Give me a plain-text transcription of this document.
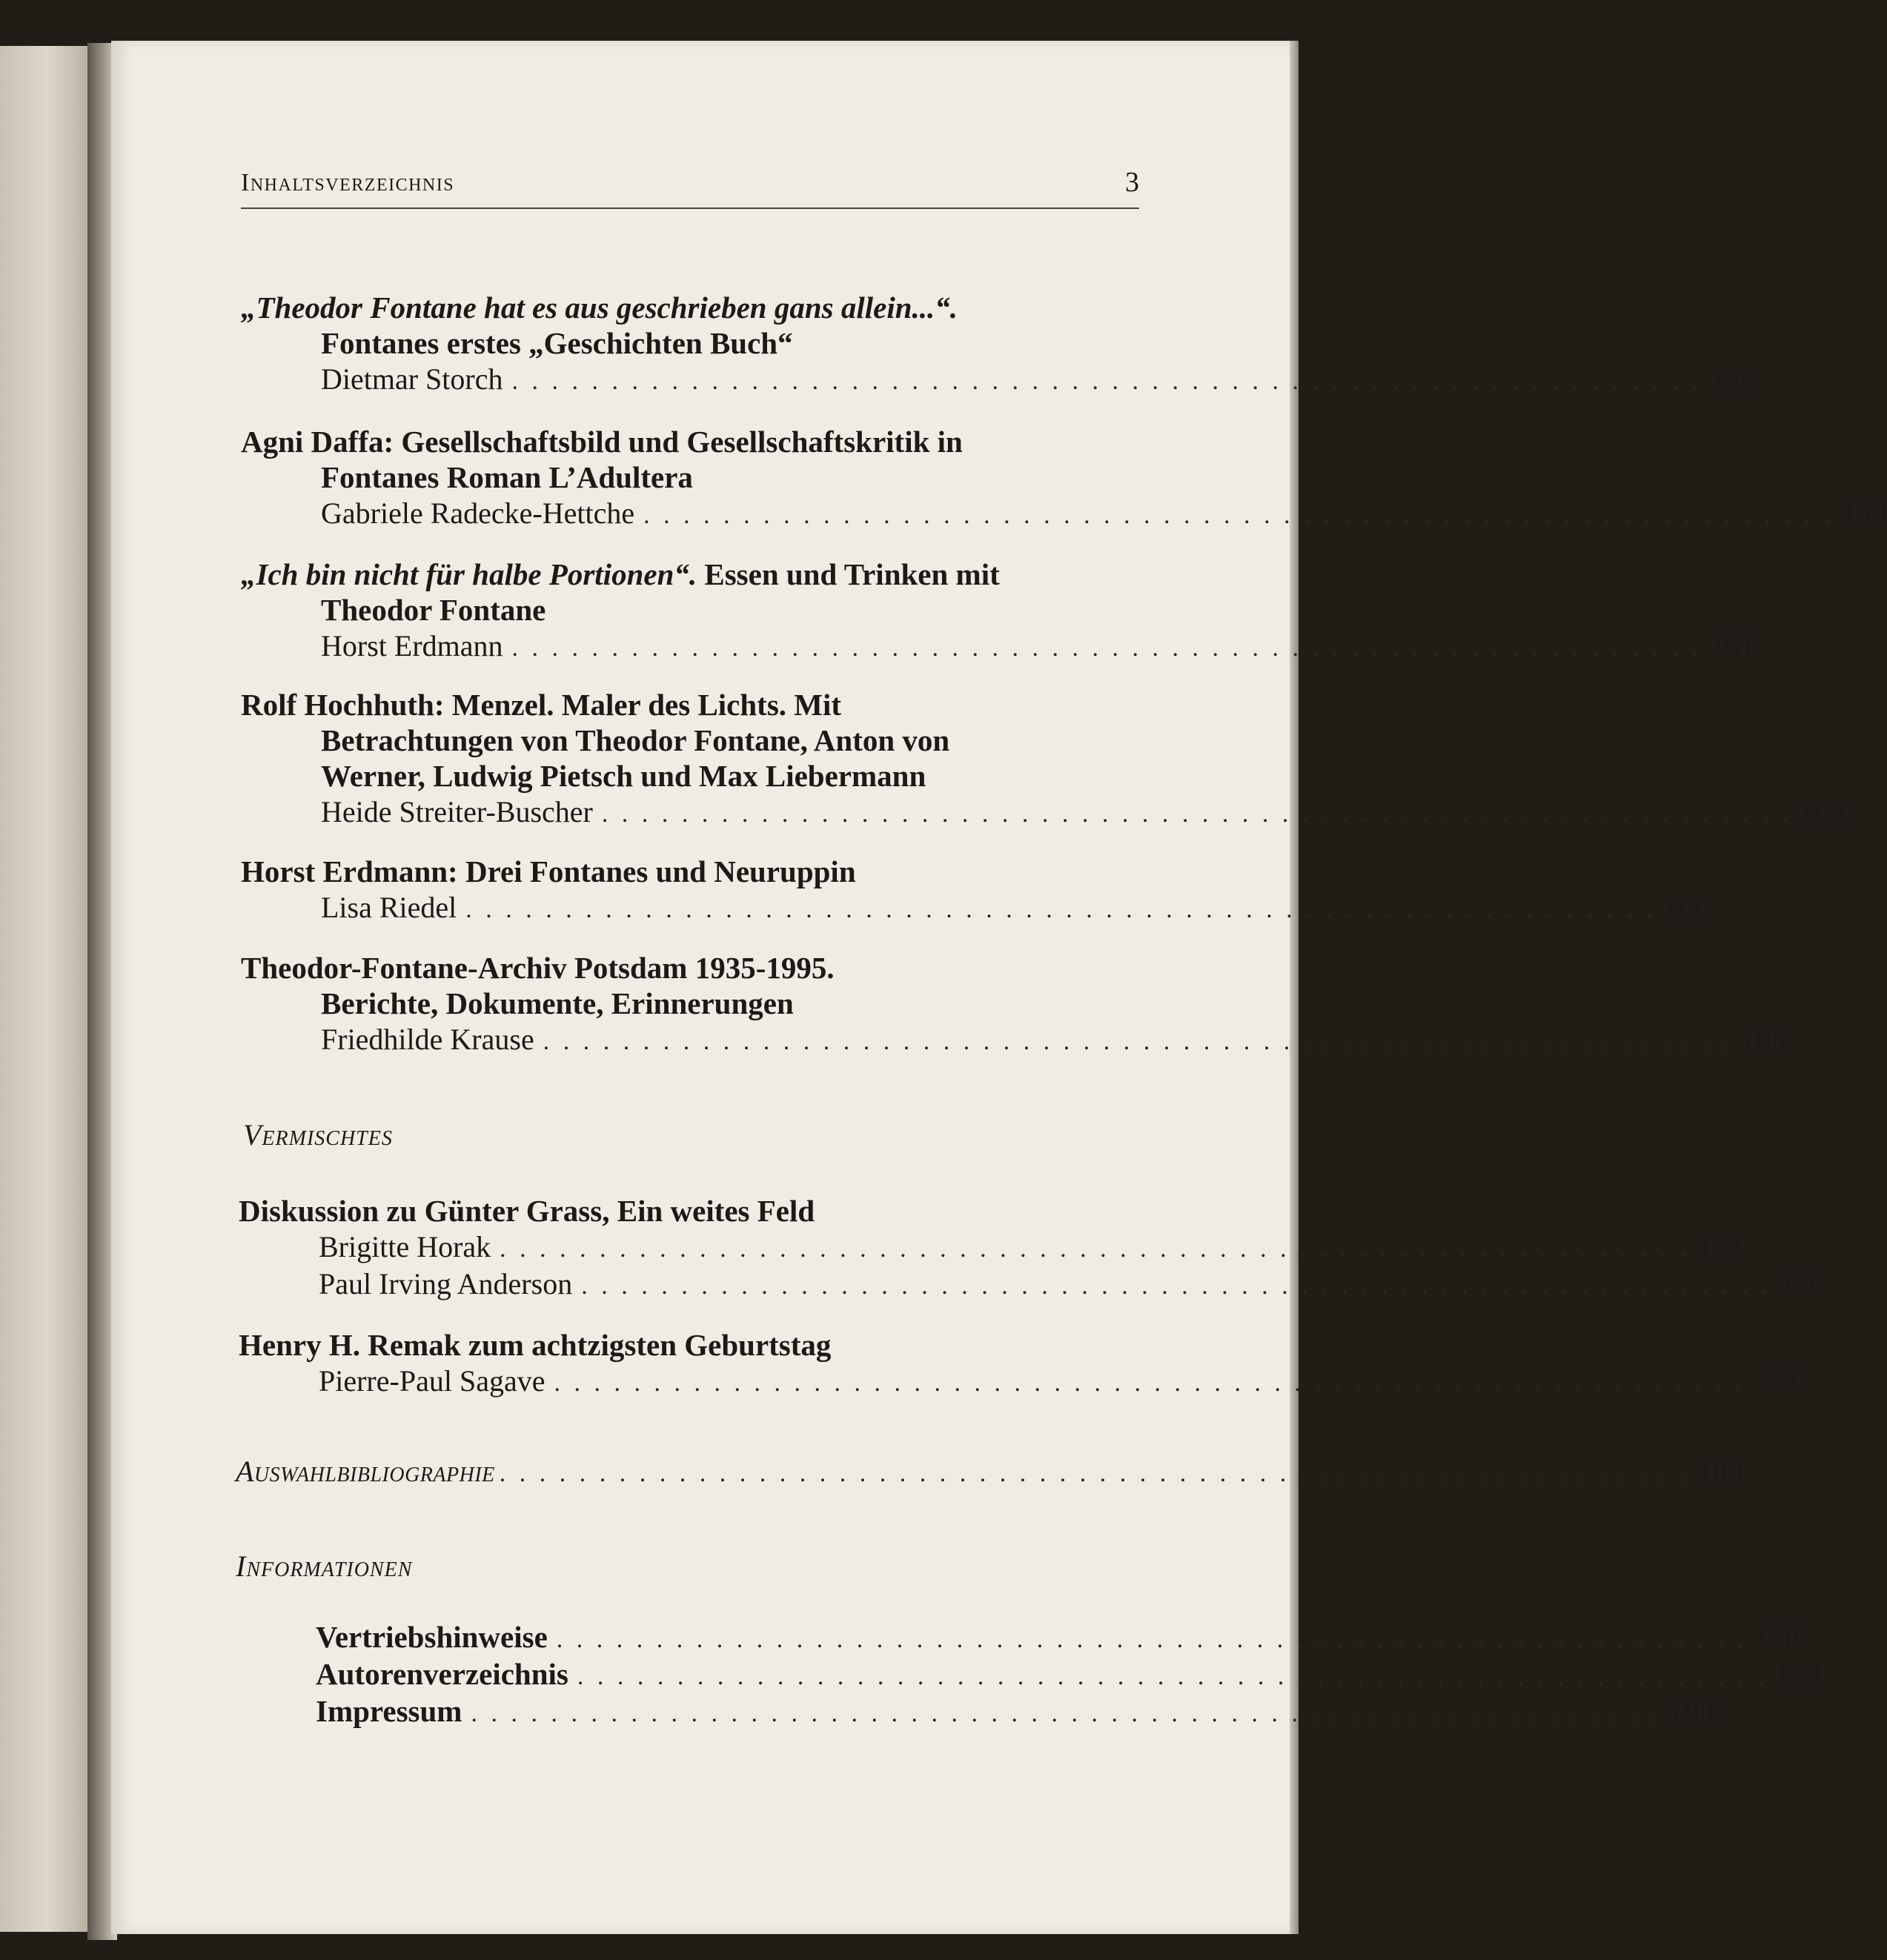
Inhaltsverzeichnis	3
„Theodor Fontane hat es aus geschrieben gans allein...“.
Fontanes erstes „Geschichten Buch“
Dietmar Storch . . . . . . . . . . . . . . . . . . . . . . . . . . . . . . . . . . . . . . . . . . . . . . . . . . . . . . . . . . . . 156
Agni Daffa: Gesellschaftsbild und Gesellschaftskritik in
Fontanes Roman L’Adultera
Gabriele Radecke-Hettche . . . . . . . . . . . . . . . . . . . . . . . . . . . . . . . . . . . . . . . . . . . . . . . . . . . . . . . . . . . . 159
„Ich bin nicht für halbe Portionen“. Essen und Trinken mit
Theodor Fontane
Horst Erdmann . . . . . . . . . . . . . . . . . . . . . . . . . . . . . . . . . . . . . . . . . . . . . . . . . . . . . . . . . . . . 161
Rolf Hochhuth: Menzel. Maler des Lichts. Mit
Betrachtungen von Theodor Fontane, Anton von
Werner, Ludwig Pietsch und Max Liebermann
Heide Streiter-Buscher . . . . . . . . . . . . . . . . . . . . . . . . . . . . . . . . . . . . . . . . . . . . . . . . . . . . . . . . . . . . 163
Horst Erdmann: Drei Fontanes und Neuruppin
Lisa Riedel . . . . . . . . . . . . . . . . . . . . . . . . . . . . . . . . . . . . . . . . . . . . . . . . . . . . . . . . . . . . 166
Theodor-Fontane-Archiv Potsdam 1935-1995.
Berichte, Dokumente, Erinnerungen
Friedhilde Krause . . . . . . . . . . . . . . . . . . . . . . . . . . . . . . . . . . . . . . . . . . . . . . . . . . . . . . . . . . . . 168
Vermischtes
Diskussion zu Günter Grass, Ein weites Feld
Brigitte Horak . . . . . . . . . . . . . . . . . . . . . . . . . . . . . . . . . . . . . . . . . . . . . . . . . . . . . . . . . . . . 174
Paul Irving Anderson . . . . . . . . . . . . . . . . . . . . . . . . . . . . . . . . . . . . . . . . . . . . . . . . . . . . . . . . . . . . 176
Henry H. Remak zum achtzigsten Geburtstag
Pierre-Paul Sagave . . . . . . . . . . . . . . . . . . . . . . . . . . . . . . . . . . . . . . . . . . . . . . . . . . . . . . . . . . . . 178
Auswahlbibliographie . . . . . . . . . . . . . . . . . . . . . . . . . . . . . . . . . . . . . . . . . . . . . . . . . . . . . . . . . . . . 180
Informationen
Vertriebshinweise . . . . . . . . . . . . . . . . . . . . . . . . . . . . . . . . . . . . . . . . . . . . . . . . . . . . . . . . . . . . 188
Autorenverzeichnis . . . . . . . . . . . . . . . . . . . . . . . . . . . . . . . . . . . . . . . . . . . . . . . . . . . . . . . . . . . . 189
Impressum . . . . . . . . . . . . . . . . . . . . . . . . . . . . . . . . . . . . . . . . . . . . . . . . . . . . . . . . . . . . 190
